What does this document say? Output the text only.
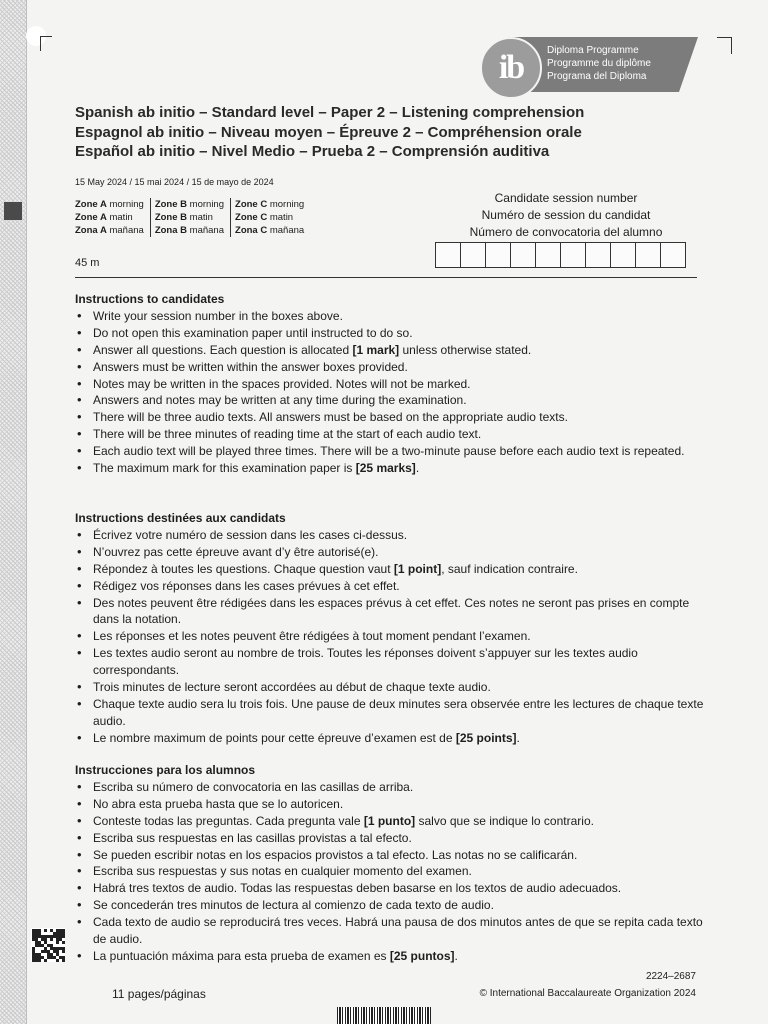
ib	Diploma Programme
Programme du diplôme
Programa del Diploma
Spanish ab initio – Standard level – Paper 2 – Listening comprehension
Espagnol ab initio – Niveau moyen – Épreuve 2 – Compréhension orale
Español ab initio – Nivel Medio – Prueba 2 – Comprensión auditiva
15 May 2024 / 15 mai 2024 / 15 de mayo de 2024
Zone A morning
Zone A matin
Zona A mañana
Zone B morning
Zone B matin
Zona B mañana
Zone C morning
Zone C matin
Zona C mañana
45 m
Candidate session number
Numéro de session du candidat
Número de convocatoria del alumno
Instructions to candidates
• Write your session number in the boxes above.
• Do not open this examination paper until instructed to do so.
• Answer all questions. Each question is allocated [1 mark] unless otherwise stated.
• Answers must be written within the answer boxes provided.
• Notes may be written in the spaces provided. Notes will not be marked.
• Answers and notes may be written at any time during the examination.
• There will be three audio texts. All answers must be based on the appropriate audio texts.
• There will be three minutes of reading time at the start of each audio text.
• Each audio text will be played three times. There will be a two-minute pause before each audio text is repeated.
• The maximum mark for this examination paper is [25 marks].
Instructions destinées aux candidats
• Écrivez votre numéro de session dans les cases ci-dessus.
• N’ouvrez pas cette épreuve avant d’y être autorisé(e).
• Répondez à toutes les questions. Chaque question vaut [1 point], sauf indication contraire.
• Rédigez vos réponses dans les cases prévues à cet effet.
• Des notes peuvent être rédigées dans les espaces prévus à cet effet. Ces notes ne seront pas prises en compte dans la notation.
• Les réponses et les notes peuvent être rédigées à tout moment pendant l’examen.
• Les textes audio seront au nombre de trois. Toutes les réponses doivent s’appuyer sur les textes audio correspondants.
• Trois minutes de lecture seront accordées au début de chaque texte audio.
• Chaque texte audio sera lu trois fois. Une pause de deux minutes sera observée entre les lectures de chaque texte audio.
• Le nombre maximum de points pour cette épreuve d’examen est de [25 points].
Instrucciones para los alumnos
• Escriba su número de convocatoria en las casillas de arriba.
• No abra esta prueba hasta que se lo autoricen.
• Conteste todas las preguntas. Cada pregunta vale [1 punto] salvo que se indique lo contrario.
• Escriba sus respuestas en las casillas provistas a tal efecto.
• Se pueden escribir notas en los espacios provistos a tal efecto. Las notas no se calificarán.
• Escriba sus respuestas y sus notas en cualquier momento del examen.
• Habrá tres textos de audio. Todas las respuestas deben basarse en los textos de audio adecuados.
• Se concederán tres minutos de lectura al comienzo de cada texto de audio.
• Cada texto de audio se reproducirá tres veces. Habrá una pausa de dos minutos antes de que se repita cada texto de audio.
• La puntuación máxima para esta prueba de examen es [25 puntos].
2224–2687
11 pages/páginas	© International Baccalaureate Organization 2024
